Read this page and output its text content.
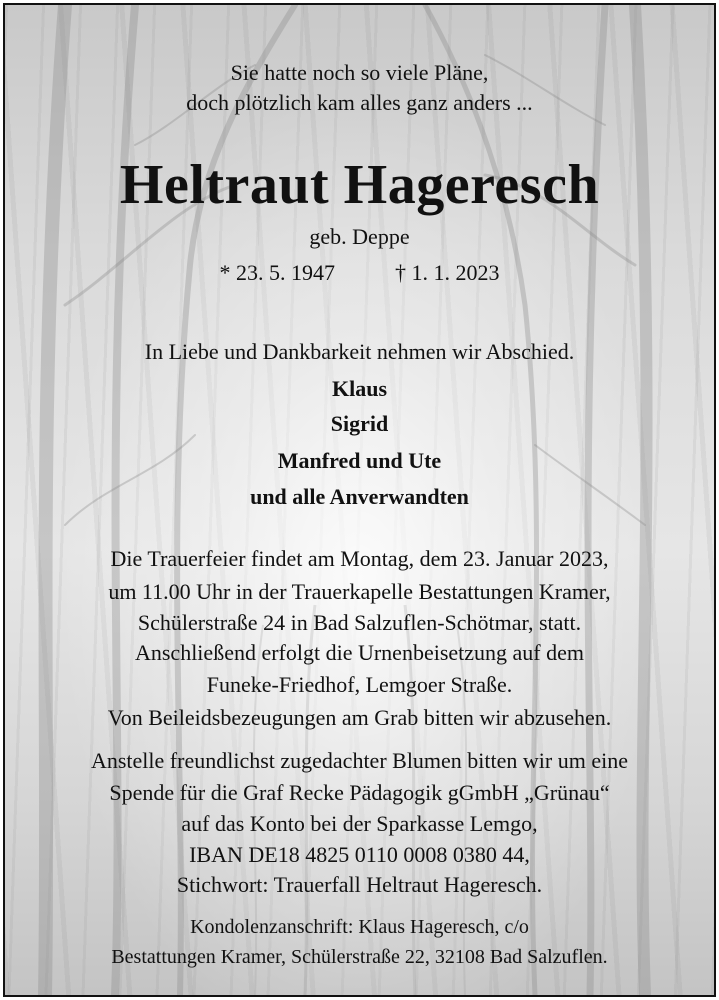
Sie hatte noch so viele Pläne,
doch plötzlich kam alles ganz anders ...
Heltraut Hageresch
geb. Deppe
* 23. 5. 1947	† 1. 1. 2023
In Liebe und Dankbarkeit nehmen wir Abschied.
Klaus
Sigrid
Manfred und Ute
und alle Anverwandten
Die Trauerfeier findet am Montag, dem 23. Januar 2023,
um 11.00 Uhr in der Trauerkapelle Bestattungen Kramer,
Schülerstraße 24 in Bad Salzuflen-Schötmar, statt.
Anschließend erfolgt die Urnenbeisetzung auf dem
Funeke-Friedhof, Lemgoer Straße.
Von Beileidsbezeugungen am Grab bitten wir abzusehen.
Anstelle freundlichst zugedachter Blumen bitten wir um eine
Spende für die Graf Recke Pädagogik gGmbH „Grünau“
auf das Konto bei der Sparkasse Lemgo,
IBAN DE18 4825 0110 0008 0380 44,
Stichwort: Trauerfall Heltraut Hageresch.
Kondolenzanschrift: Klaus Hageresch, c/o
Bestattungen Kramer, Schülerstraße 22, 32108 Bad Salzuflen.
